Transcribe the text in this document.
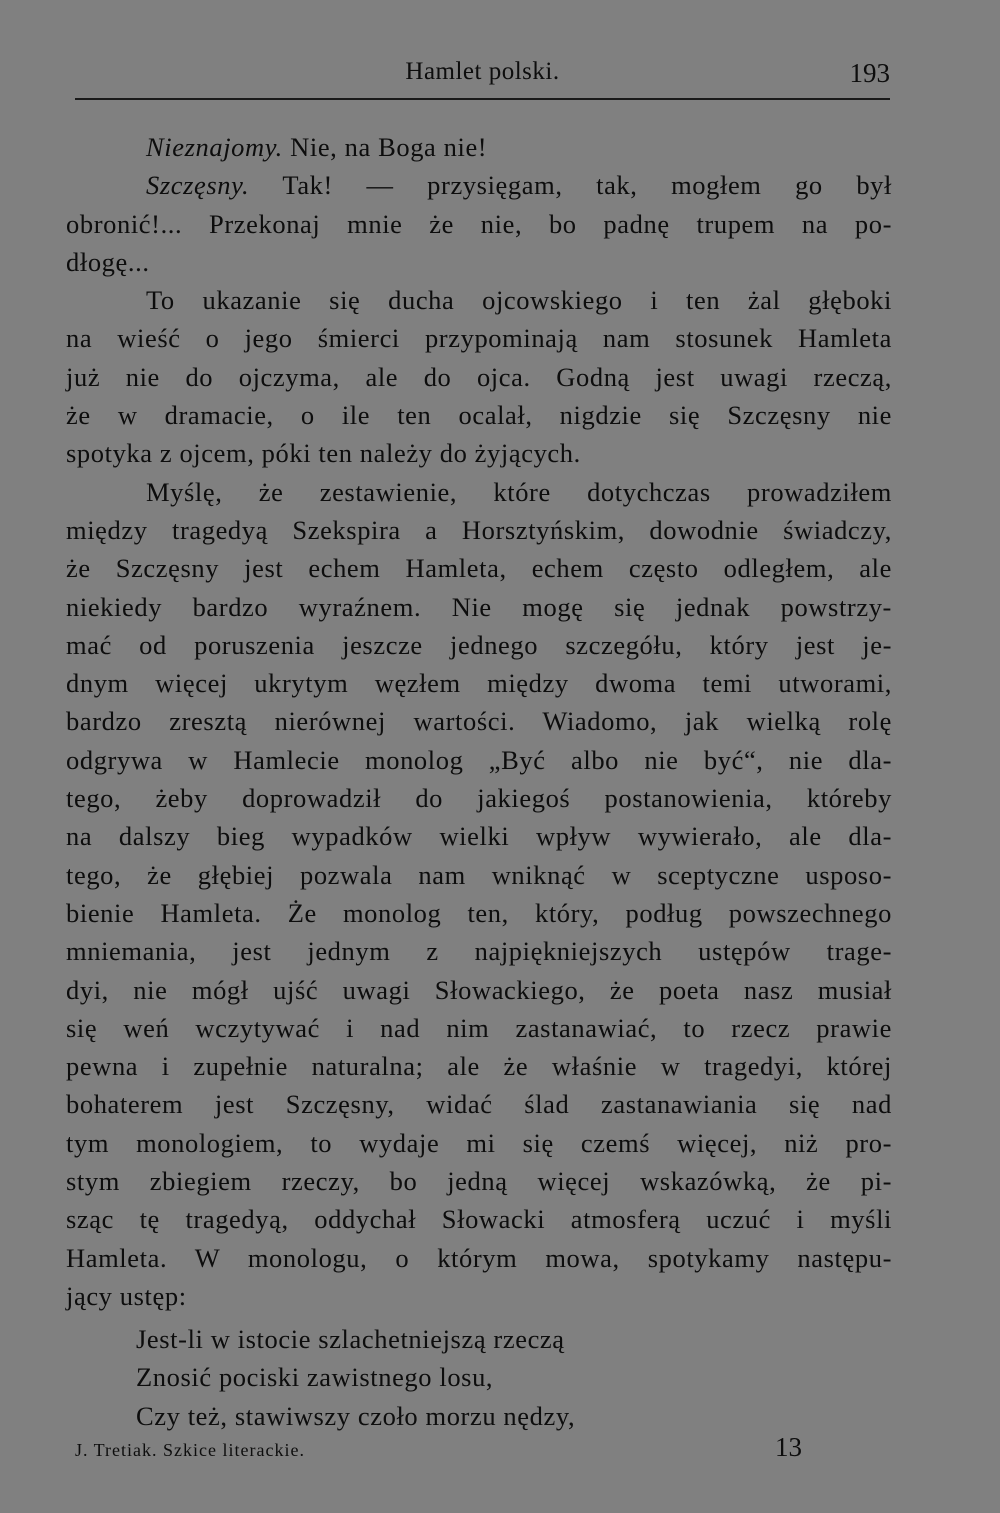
Hamlet polski.	193
Nieznajomy. Nie, na Boga nie!
Szczęsny. Tak! — przysięgam, tak, mogłem go był
obronić!... Przekonaj mnie że nie, bo padnę trupem na po-
dłogę...
To ukazanie się ducha ojcowskiego i ten żal głęboki
na wieść o jego śmierci przypominają nam stosunek Hamleta
już nie do ojczyma, ale do ojca. Godną jest uwagi rzeczą,
że w dramacie, o ile ten ocalał, nigdzie się Szczęsny nie
spotyka z ojcem, póki ten należy do żyjących.
Myślę, że zestawienie, które dotychczas prowadziłem
między tragedyą Szekspira a Horsztyńskim, dowodnie świadczy,
że Szczęsny jest echem Hamleta, echem często odległem, ale
niekiedy bardzo wyraźnem. Nie mogę się jednak powstrzy-
mać od poruszenia jeszcze jednego szczegółu, który jest je-
dnym więcej ukrytym węzłem między dwoma temi utworami,
bardzo zresztą nierównej wartości. Wiadomo, jak wielką rolę
odgrywa w Hamlecie monolog „Być albo nie być“, nie dla-
tego, żeby doprowadził do jakiegoś postanowienia, któreby
na dalszy bieg wypadków wielki wpływ wywierało, ale dla-
tego, że głębiej pozwala nam wniknąć w sceptyczne usposo-
bienie Hamleta. Że monolog ten, który, podług powszechnego
mniemania, jest jednym z najpiękniejszych ustępów trage-
dyi, nie mógł ujść uwagi Słowackiego, że poeta nasz musiał
się weń wczytywać i nad nim zastanawiać, to rzecz prawie
pewna i zupełnie naturalna; ale że właśnie w tragedyi, której
bohaterem jest Szczęsny, widać ślad zastanawiania się nad
tym monologiem, to wydaje mi się czemś więcej, niż pro-
stym zbiegiem rzeczy, bo jedną więcej wskazówką, że pi-
sząc tę tragedyą, oddychał Słowacki atmosferą uczuć i myśli
Hamleta. W monologu, o którym mowa, spotykamy następu-
jący ustęp:
Jest-li w istocie szlachetniejszą rzeczą
Znosić pociski zawistnego losu,
Czy też, stawiwszy czoło morzu nędzy,
J. Tretiak. Szkice literackie.	13
